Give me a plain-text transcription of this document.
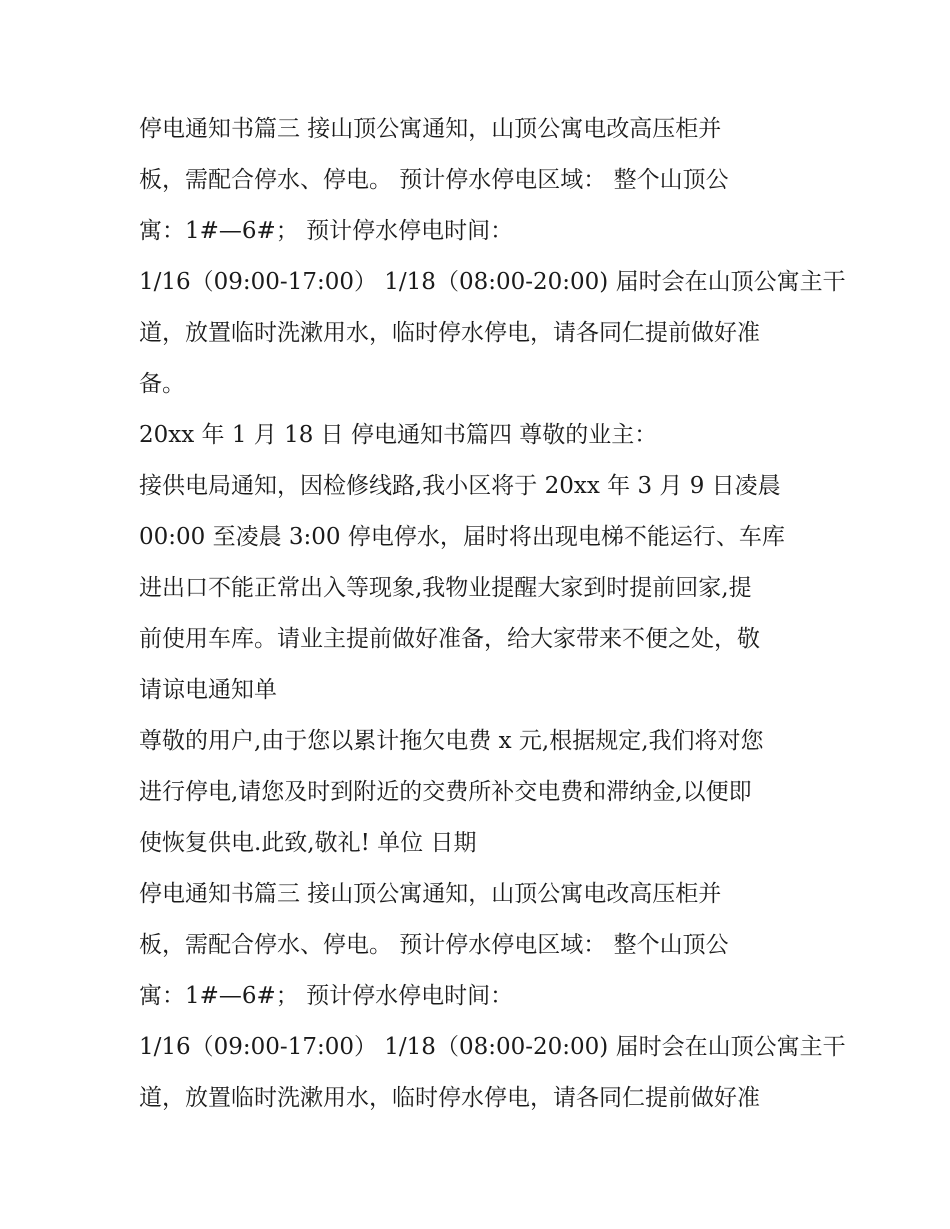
停电通知书篇三 接山顶公寓通知，山顶公寓电改高压柜并

板，需配合停水、停电。 预计停水停电区域： 整个山顶公

寓：1#—6#； 预计停水停电时间：

1/16（09:00-17:00） 1/18（08:00-20:00) 届时会在山顶公寓主干

道，放置临时洗漱用水，临时停水停电，请各同仁提前做好准

备。

20xx 年 1 月 18 日 停电通知书篇四 尊敬的业主：

接供电局通知，因检修线路,我小区将于 20xx 年 3 月 9 日凌晨

00:00 至凌晨 3:00 停电停水，届时将出现电梯不能运行、车库

进出口不能正常出入等现象,我物业提醒大家到时提前回家,提

前使用车库。请业主提前做好准备，给大家带来不便之处，敬

请谅电通知单

尊敬的用户,由于您以累计拖欠电费 x 元,根据规定,我们将对您

进行停电,请您及时到附近的交费所补交电费和滞纳金,以便即

使恢复供电.此致,敬礼! 单位 日期

停电通知书篇三 接山顶公寓通知，山顶公寓电改高压柜并

板，需配合停水、停电。 预计停水停电区域： 整个山顶公

寓：1#—6#； 预计停水停电时间：

1/16（09:00-17:00） 1/18（08:00-20:00) 届时会在山顶公寓主干

道，放置临时洗漱用水，临时停水停电，请各同仁提前做好准
